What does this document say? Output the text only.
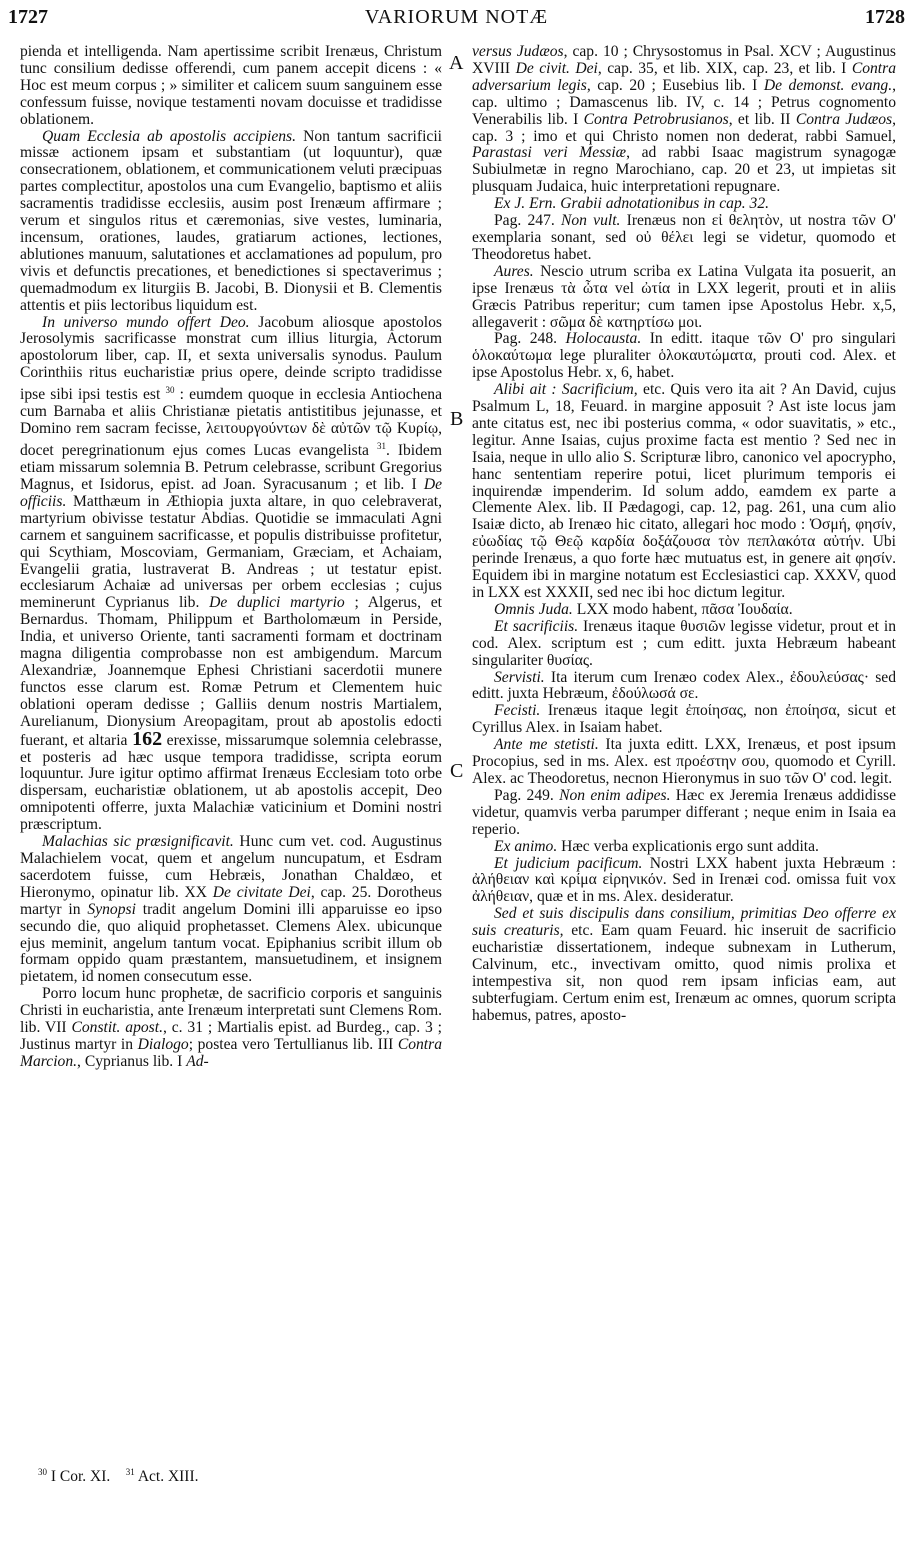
1727	VARIORUM NOTÆ	1728
A
B
C

pienda et intelligenda. Nam apertissime scribit Irenæus, Christum tunc consilium dedisse offerendi, cum panem accepit dicens : « Hoc est meum corpus ; » similiter et calicem suum sanguinem esse confessum fuisse, novique testamenti novam docuisse et tradidisse oblationem.

Quam Ecclesia ab apostolis accipiens. Non tantum sacrificii missæ actionem ipsam et substantiam (ut loquuntur), quæ consecrationem, oblationem, et communicationem veluti præcipuas partes complectitur, apostolos una cum Evangelio, baptismo et aliis sacramentis tradidisse ecclesiis, ausim post Irenæum affirmare ; verum et singulos ritus et cæremonias, sive vestes, luminaria, incensum, orationes, laudes, gratiarum actiones, lectiones, ablutiones manuum, salutationes et acclamationes ad populum, pro vivis et defunctis precationes, et benedictiones si spectaverimus ; quemadmodum ex liturgiis B. Jacobi, B. Dionysii et B. Clementis attentis et piis lectoribus liquidum est.

In universo mundo offert Deo. Jacobum aliosque apostolos Jerosolymis sacrificasse monstrat cum illius liturgia, Actorum apostolorum liber, cap. II, et sexta universalis synodus. Paulum Corinthiis ritus eucharistiæ prius opere, deinde scripto tradidisse ipse sibi ipsi testis est $^{30}$ : eumdem quoque in ecclesia Antiochena cum Barnaba et aliis Christianæ pietatis antistitibus jejunasse, et Domino rem sacram fecisse, λειτουργούντων δὲ αὐτῶν τῷ Κυρίῳ, docet peregrinationum ejus comes Lucas evangelista $^{31}$. Ibidem etiam missarum solemnia B. Petrum celebrasse, scribunt Gregorius Magnus, et Isidorus, epist. ad Joan. Syracusanum ; et lib. I De officiis. Matthæum in Æthiopia juxta altare, in quo celebraverat, martyrium obivisse testatur Abdias. Quotidie se immaculati Agni carnem et sanguinem sacrificasse, et populis distribuisse profitetur, qui Scythiam, Moscoviam, Germaniam, Græciam, et Achaiam, Evangelii gratia, lustraverat B. Andreas ; ut testatur epist. ecclesiarum Achaiæ ad universas per orbem ecclesias ; cujus meminerunt Cyprianus lib. De duplici martyrio ; Algerus, et Bernardus. Thomam, Philippum et Bartholomæum in Perside, India, et universo Oriente, tanti sacramenti formam et doctrinam magna diligentia comprobasse non est ambigendum. Marcum Alexandriæ, Joannemque Ephesi Christiani sacerdotii munere functos esse clarum est. Romæ Petrum et Clementem huic oblationi operam dedisse ; Galliis denum nostris Martialem, Aurelianum, Dionysium Areopagitam, prout ab apostolis edocti fuerant, et altaria 162 erexisse, missarumque solemnia celebrasse, et posteris ad hæc usque tempora tradidisse, scripta eorum loquuntur. Jure igitur optimo affirmat Irenæus Ecclesiam toto orbe dispersam, eucharistiæ oblationem, ut ab apostolis accepit, Deo omnipotenti offerre, juxta Malachiæ vaticinium et Domini nostri præscriptum.

Malachias sic præsignificavit. Hunc cum vet. cod. Augustinus Malachielem vocat, quem et angelum nuncupatum, et Esdram sacerdotem fuisse, cum Hebræis, Jonathan Chaldæo, et Hieronymo, opinatur lib. XX De civitate Dei, cap. 25. Dorotheus martyr in Synopsi tradit angelum Domini illi apparuisse eo ipso secundo die, quo aliquid prophetasset. Clemens Alex. ubicunque ejus meminit, angelum tantum vocat. Epiphanius scribit illum ob formam oppido quam præstantem, mansuetudinem, et insignem pietatem, id nomen consecutum esse.

Porro locum hunc prophetæ, de sacrificio corporis et sanguinis Christi in eucharistia, ante Irenæum interpretati sunt Clemens Rom. lib. VII Constit. apost., c. 31 ; Martialis epist. ad Burdeg., cap. 3 ; Justinus martyr in Dialogo; postea vero Tertullianus lib. III Contra Marcion., Cyprianus lib. I Ad-

versus Judæos, cap. 10 ; Chrysostomus in Psal. XCV ; Augustinus XVIII De civit. Dei, cap. 35, et lib. XIX, cap. 23, et lib. I Contra adversarium legis, cap. 20 ; Eusebius lib. I De demonst. evang., cap. ultimo ; Damascenus lib. IV, c. 14 ; Petrus cognomento Venerabilis lib. I Contra Petrobrusianos, et lib. II Contra Judæos, cap. 3 ; imo et qui Christo nomen non dederat, rabbi Samuel, Parastasi veri Messiæ, ad rabbi Isaac magistrum synagogæ Subiulmetæ in regno Marochiano, cap. 20 et 23, ut impietas sit plusquam Judaica, huic interpretationi repugnare.

Ex J. Ern. Grabii adnotationibus in cap. 32.

Pag. 247. Non vult. Irenæus non εἰ θελητὸν, ut nostra τῶν Ο' exemplaria sonant, sed οὐ θέλει legi se videtur, quomodo et Theodoretus habet.

Aures. Nescio utrum scriba ex Latina Vulgata ita posuerit, an ipse Irenæus τὰ ὦτα vel ὠτία in LXX legerit, prouti et in aliis Græcis Patribus reperitur; cum tamen ipse Apostolus Hebr. x,5, allegaverit : σῶμα δὲ κατηρτίσω μοι.

Pag. 248. Holocausta. In editt. itaque τῶν Ο' pro singulari ὁλοκαύτωμα lege pluraliter ὁλοκαυτώματα, prouti cod. Alex. et ipse Apostolus Hebr. x, 6, habet.

Alibi ait : Sacrificium, etc. Quis vero ita ait ? An David, cujus Psalmum L, 18, Feuard. in margine apposuit ? Ast iste locus jam ante citatus est, nec ibi posterius comma, « odor suavitatis, » etc., legitur. Anne Isaias, cujus proxime facta est mentio ? Sed nec in Isaia, neque in ullo alio S. Scripturæ libro, canonico vel apocrypho, hanc sententiam reperire potui, licet plurimum temporis ei inquirendæ impenderim. Id solum addo, eamdem ex parte a Clemente Alex. lib. II Pædagogi, cap. 12, pag. 261, una cum alio Isaiæ dicto, ab Irenæo hic citato, allegari hoc modo : Ὀσμή, φησίν, εὐωδίας τῷ Θεῷ καρδία δοξάζουσα τὸν πεπλακότα αὐτήν. Ubi perinde Irenæus, a quo forte hæc mutuatus est, in genere ait φησίν. Equidem ibi in margine notatum est Ecclesiastici cap. XXXV, quod in LXX est XXXII, sed nec ibi hoc dictum legitur.

Omnis Juda. LXX modo habent, πᾶσα Ἰουδαία.

Et sacrificiis. Irenæus itaque θυσιῶν legisse videtur, prout et in cod. Alex. scriptum est ; cum editt. juxta Hebræum habeant singulariter θυσίας.

Servisti. Ita iterum cum Irenæo codex Alex., ἐδουλεύσας· sed editt. juxta Hebræum, ἐδούλωσά σε.

Fecisti. Irenæus itaque legit ἐποίησας, non ἐποίησα, sicut et Cyrillus Alex. in Isaiam habet.

Ante me stetisti. Ita juxta editt. LXX, Irenæus, et post ipsum Procopius, sed in ms. Alex. est προέστην σου, quomodo et Cyrill. Alex. ac Theodoretus, necnon Hieronymus in suo τῶν Ο' cod. legit.

Pag. 249. Non enim adipes. Hæc ex Jeremia Irenæus addidisse videtur, quamvis verba parumper differant ; neque enim in Isaia ea reperio.

Ex animo. Hæc verba explicationis ergo sunt addita.

Et judicium pacificum. Nostri LXX habent juxta Hebræum : ἀλήθειαν καὶ κρίμα εἰρηνικόν. Sed in Irenæi cod. omissa fuit vox ἀλήθειαν, quæ et in ms. Alex. desideratur.

Sed et suis discipulis dans consilium, primitias Deo offerre ex suis creaturis, etc. Eam quam Feuard. hic inseruit de sacrificio eucharistiæ dissertationem, indeque subnexam in Lutherum, Calvinum, etc., invectivam omitto, quod nimis prolixa et intempestiva sit, non quod rem ipsam inficias eam, aut subterfugiam. Certum enim est, Irenæum ac omnes, quorum scripta habemus, patres, aposto-

$^{30}$ I Cor. XI. $^{31}$ Act. XIII.
